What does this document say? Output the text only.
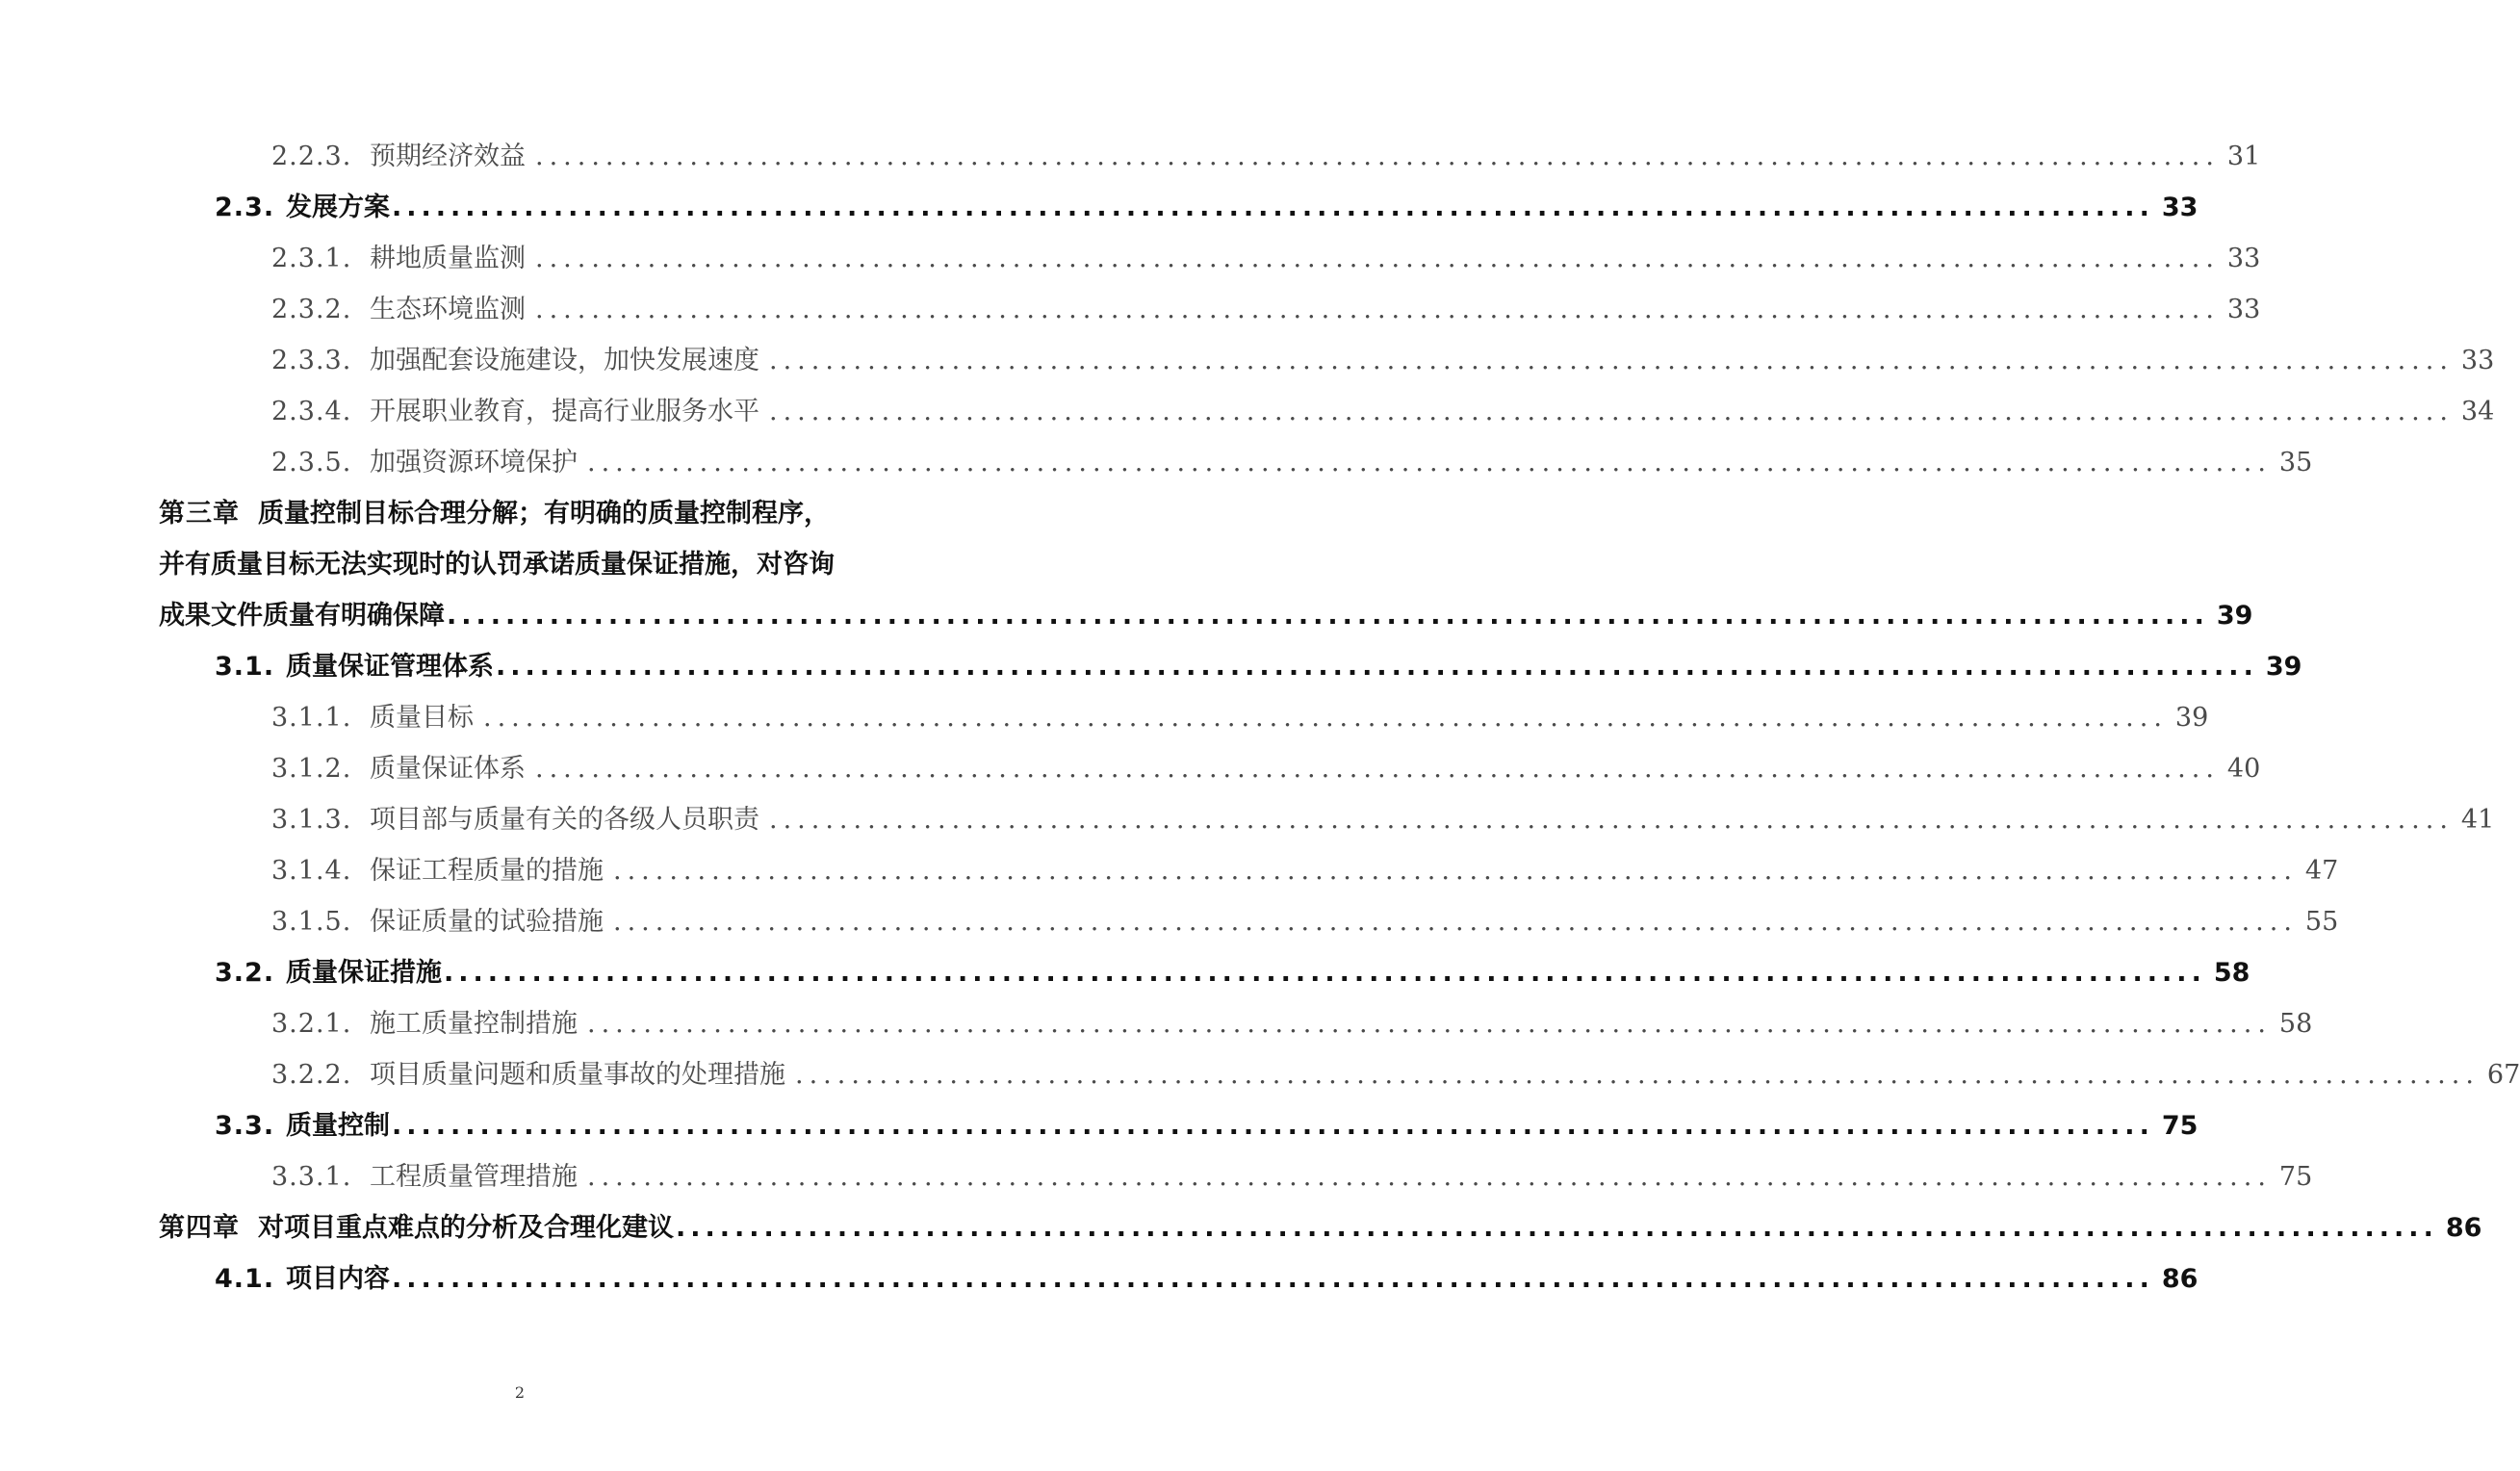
2.2.3. 预期经济效益 ........................................................................................................................ 31
2.3. 发展方案 ........................................................................................................................ 33
2.3.1. 耕地质量监测 ........................................................................................................................ 33
2.3.2. 生态环境监测 ........................................................................................................................ 33
2.3.3. 加强配套设施建设，加快发展速度 ........................................................................................................................ 33
2.3.4. 开展职业教育，提高行业服务水平 ........................................................................................................................ 34
2.3.5. 加强资源环境保护 ........................................................................................................................ 35
第三章 质量控制目标合理分解；有明确的质量控制程序，
并有质量目标无法实现时的认罚承诺质量保证措施，对咨询
成果文件质量有明确保障 ........................................................................................................................ 39
3.1. 质量保证管理体系 ........................................................................................................................ 39
3.1.1. 质量目标 ........................................................................................................................ 39
3.1.2. 质量保证体系 ........................................................................................................................ 40
3.1.3. 项目部与质量有关的各级人员职责 ........................................................................................................................ 41
3.1.4. 保证工程质量的措施 ........................................................................................................................ 47
3.1.5. 保证质量的试验措施 ........................................................................................................................ 55
3.2. 质量保证措施 ........................................................................................................................ 58
3.2.1. 施工质量控制措施 ........................................................................................................................ 58
3.2.2. 项目质量问题和质量事故的处理措施 ........................................................................................................................ 67
3.3. 质量控制 ........................................................................................................................ 75
3.3.1. 工程质量管理措施 ........................................................................................................................ 75
第四章 对项目重点难点的分析及合理化建议 ........................................................................................................................ 86
4.1. 项目内容 ........................................................................................................................ 86
2
